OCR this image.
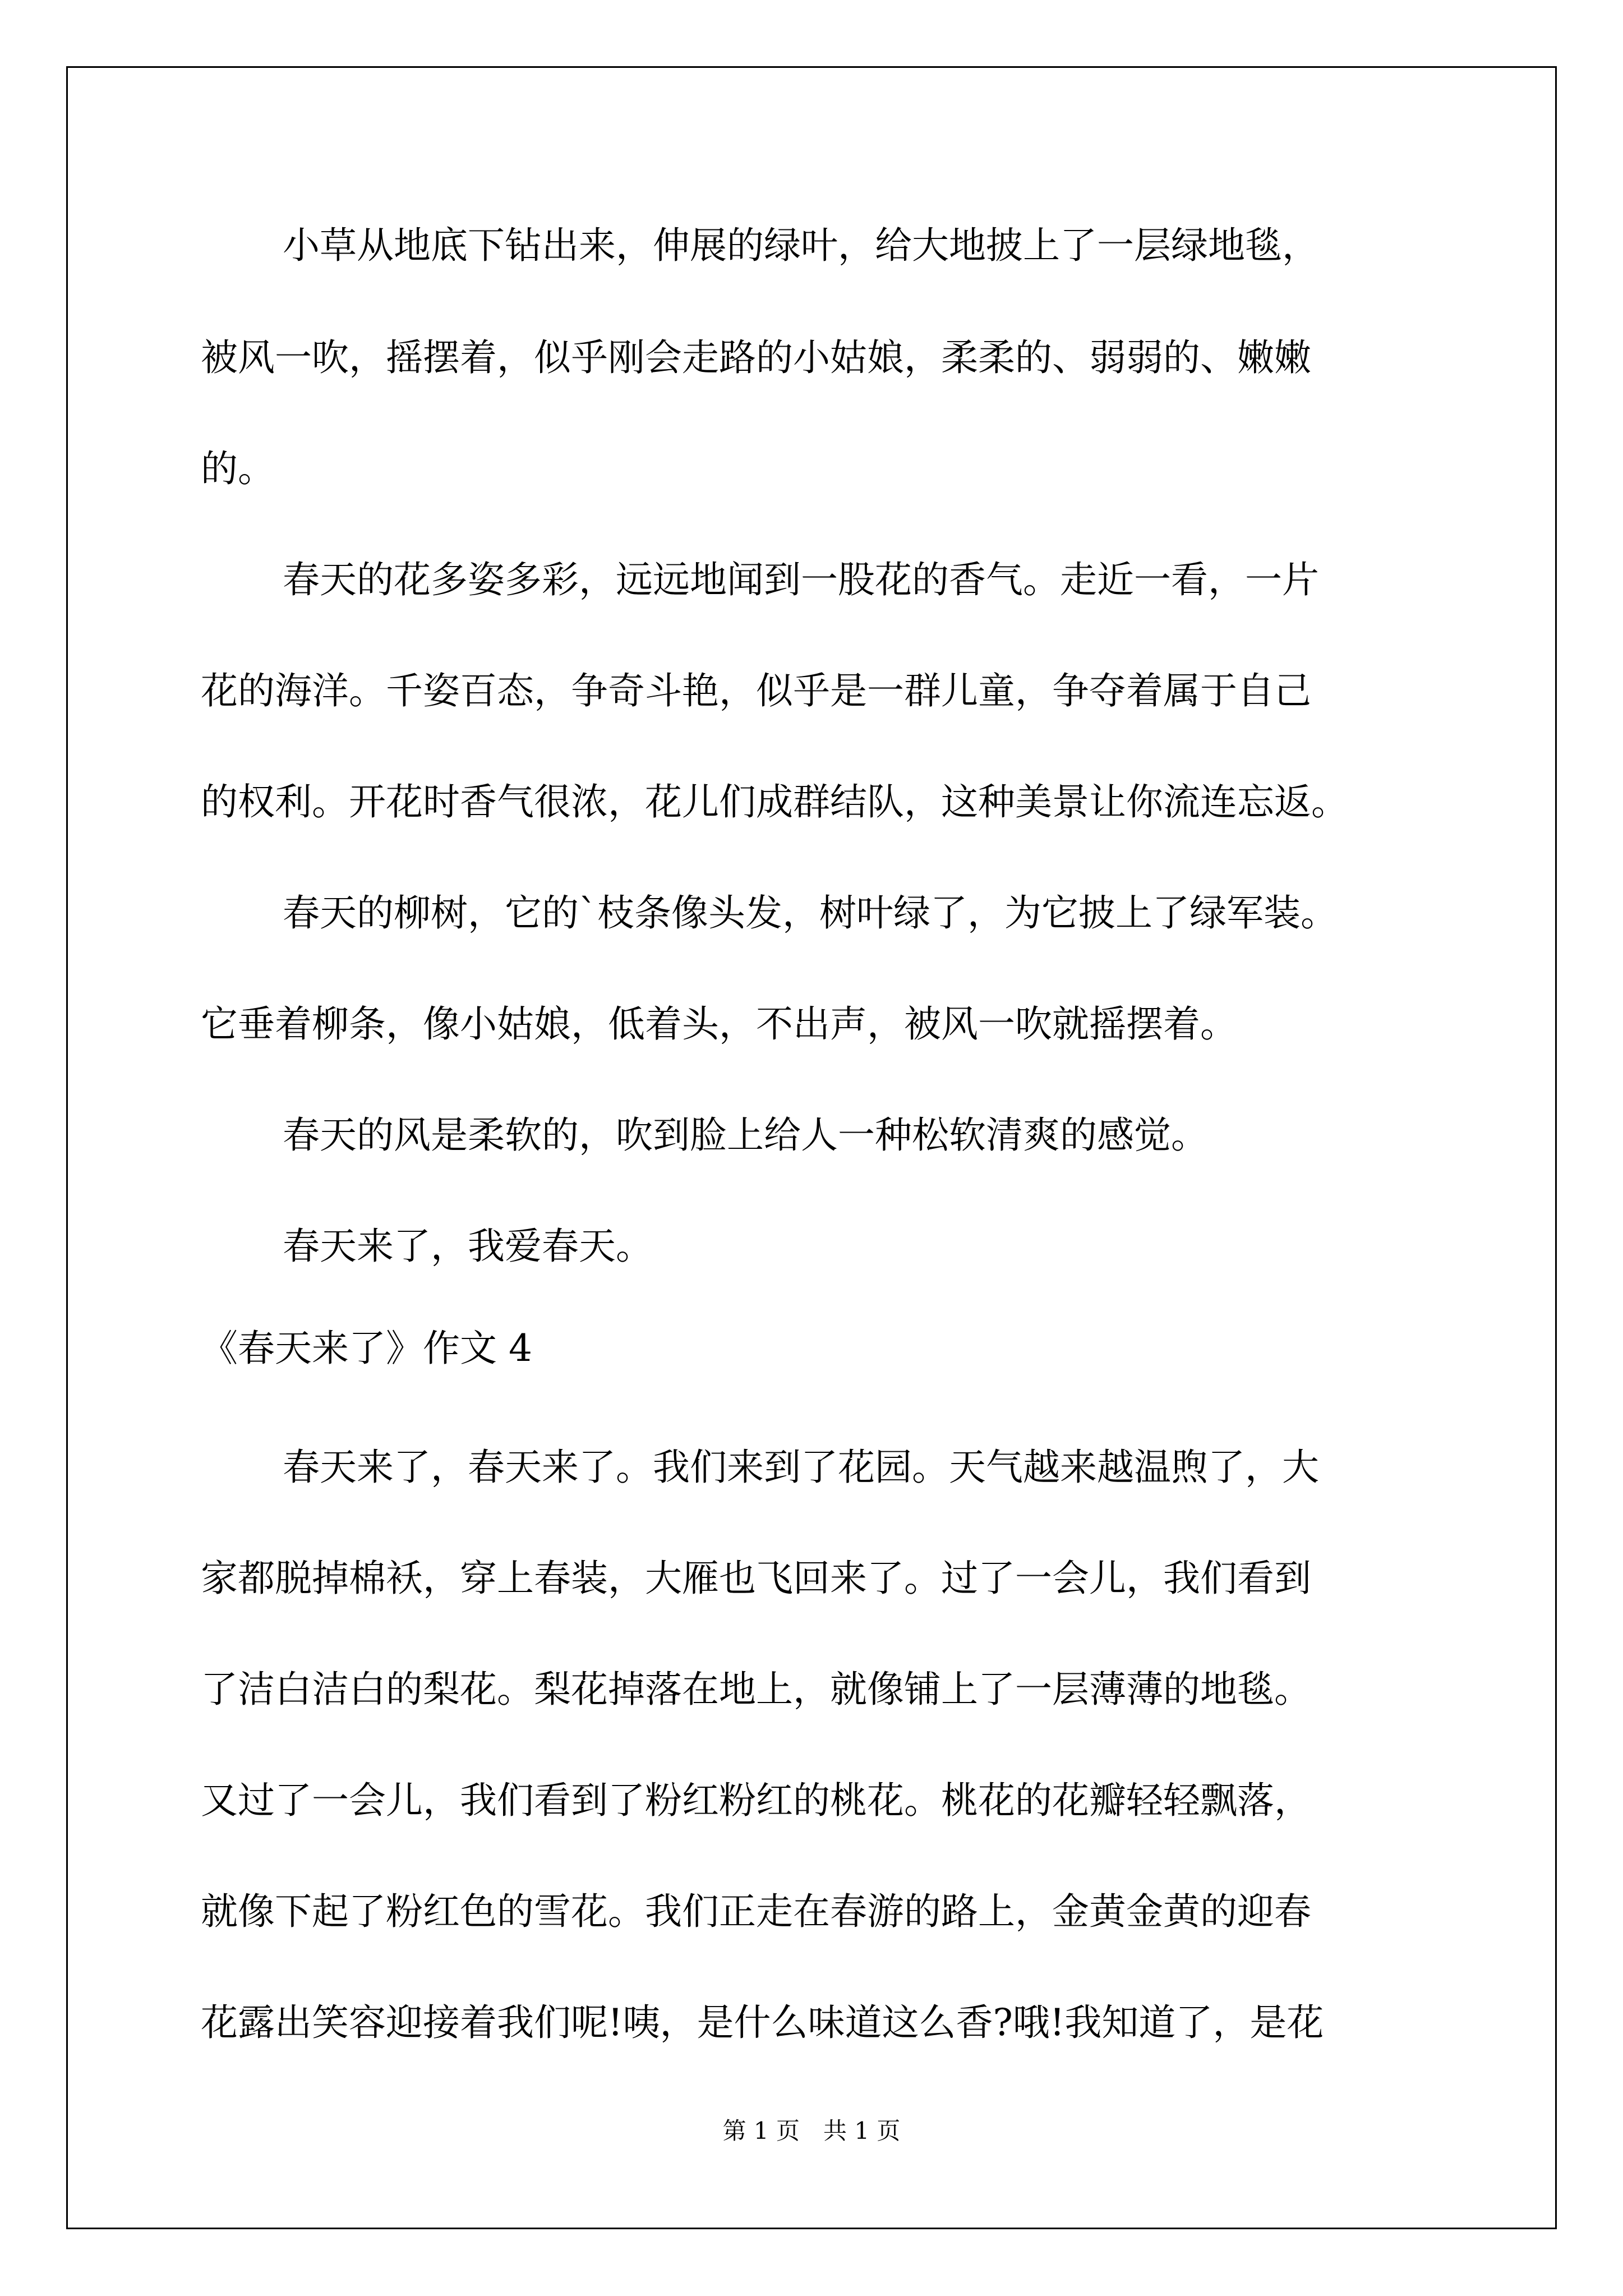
小草从地底下钻出来，伸展的绿叶，给大地披上了一层绿地毯，
被风一吹，摇摆着，似乎刚会走路的小姑娘，柔柔的、弱弱的、嫩嫩
的。
春天的花多姿多彩，远远地闻到一股花的香气。走近一看，一片
花的海洋。千姿百态，争奇斗艳，似乎是一群儿童，争夺着属于自己
的权利。开花时香气很浓，花儿们成群结队，这种美景让你流连忘返。
春天的柳树，它的`枝条像头发，树叶绿了，为它披上了绿军装。
它垂着柳条，像小姑娘，低着头，不出声，被风一吹就摇摆着。
春天的风是柔软的，吹到脸上给人一种松软清爽的感觉。
春天来了，我爱春天。
《春天来了》作文 4
春天来了，春天来了。我们来到了花园。天气越来越温煦了，大
家都脱掉棉袄，穿上春装，大雁也飞回来了。过了一会儿，我们看到
了洁白洁白的梨花。梨花掉落在地上，就像铺上了一层薄薄的地毯。
又过了一会儿，我们看到了粉红粉红的桃花。桃花的花瓣轻轻飘落，
就像下起了粉红色的雪花。我们正走在春游的路上，金黄金黄的迎春
花露出笑容迎接着我们呢!咦，是什么味道这么香?哦!我知道了，是花
第 1 页　共 1 页
